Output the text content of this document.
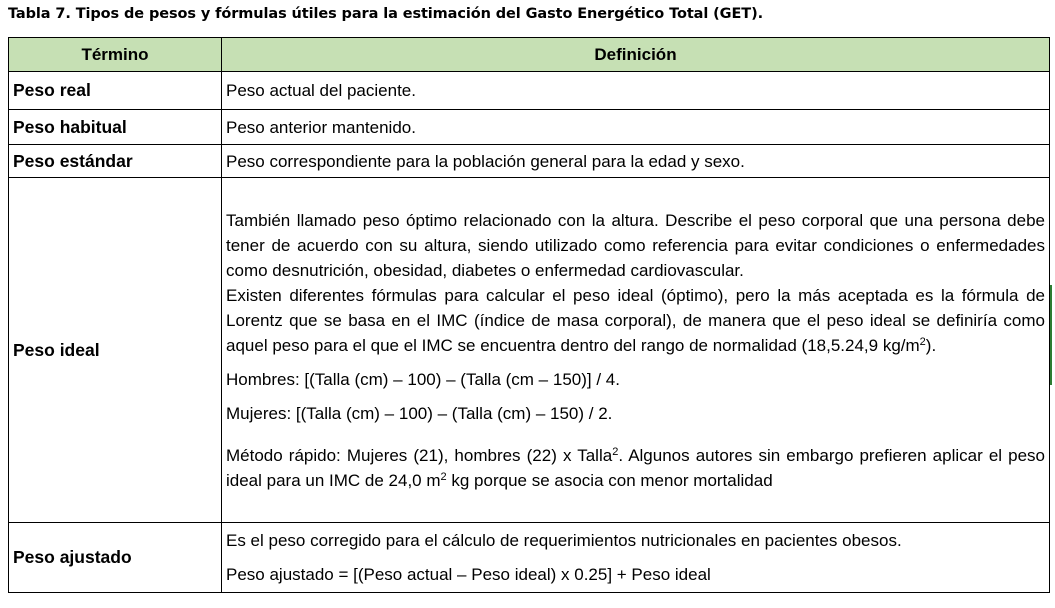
Tabla 7. Tipos de pesos y fórmulas útiles para la estimación del Gasto Energético Total (GET).
Término	Definición
Peso real	Peso actual del paciente.
Peso habitual	Peso anterior mantenido.
Peso estándar	Peso correspondiente para la población general para la edad y sexo.
Peso ideal	También llamado peso óptimo relacionado con la altura. Describe el peso corporal que una persona debe tener de acuerdo con su altura, siendo utilizado como referencia para evitar condiciones o enfermedades como desnutrición, obesidad, diabetes o enfermedad cardiovascular.

Existen diferentes fórmulas para calcular el peso ideal (óptimo), pero la más aceptada es la fórmula de Lorentz que se basa en el IMC (índice de masa corporal), de manera que el peso ideal se definiría como aquel peso para el que el IMC se encuentra dentro del rango de normalidad (18,5.24,9 $kg/m^2$).

Hombres: [(Talla (cm) – 100) – (Talla (cm – 150)] / 4.

Mujeres: [(Talla (cm) – 100) – (Talla (cm) – 150) / 2.

Método rápido: Mujeres (21), hombres (22) x Talla$^2$. Algunos autores sin embargo prefieren aplicar el peso ideal para un IMC de 24,0 $m^2$ kg porque se asocia con menor mortalidad

Peso ajustado	Es el peso corregido para el cálculo de requerimientos nutricionales en pacientes obesos.

Peso ajustado = [(Peso actual – Peso ideal) x 0.25] + Peso ideal
